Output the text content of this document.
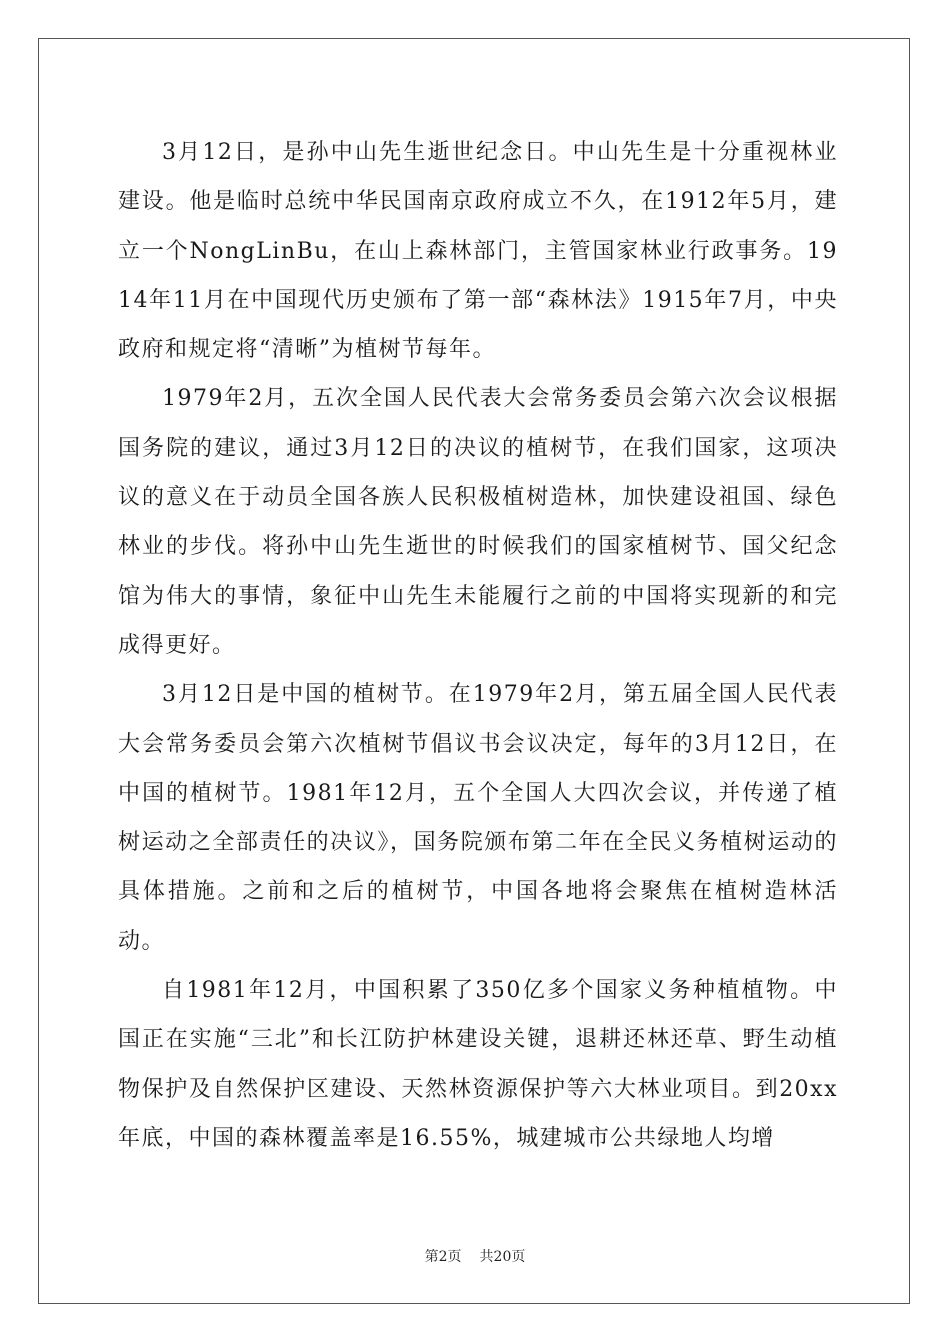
3月12日，是孙中山先生逝世纪念日。中山先生是十分重视林业建设。他是临时总统中华民国南京政府成立不久，在1912年5月，建立一个NongLinBu，在山上森林部门，主管国家林业行政事务。1914年11月在中国现代历史颁布了第一部“森林法》1915年7月，中央政府和规定将“清晰”为植树节每年。

1979年2月，五次全国人民代表大会常务委员会第六次会议根据国务院的建议，通过3月12日的决议的植树节，在我们国家，这项决议的意义在于动员全国各族人民积极植树造林，加快建设祖国、绿色林业的步伐。将孙中山先生逝世的时候我们的国家植树节、国父纪念馆为伟大的事情，象征中山先生未能履行之前的中国将实现新的和完成得更好。

3月12日是中国的植树节。在1979年2月，第五届全国人民代表大会常务委员会第六次植树节倡议书会议决定，每年的3月12日，在中国的植树节。1981年12月，五个全国人大四次会议，并传递了植树运动之全部责任的决议》，国务院颁布第二年在全民义务植树运动的具体措施。之前和之后的植树节，中国各地将会聚焦在植树造林活动。

自1981年12月，中国积累了350亿多个国家义务种植植物。中国正在实施“三北”和长江防护林建设关键，退耕还林还草、野生动植物保护及自然保护区建设、天然林资源保护等六大林业项目。到20xx年底，中国的森林覆盖率是16.55%，城建城市公共绿地人均增

第2页 共20页
